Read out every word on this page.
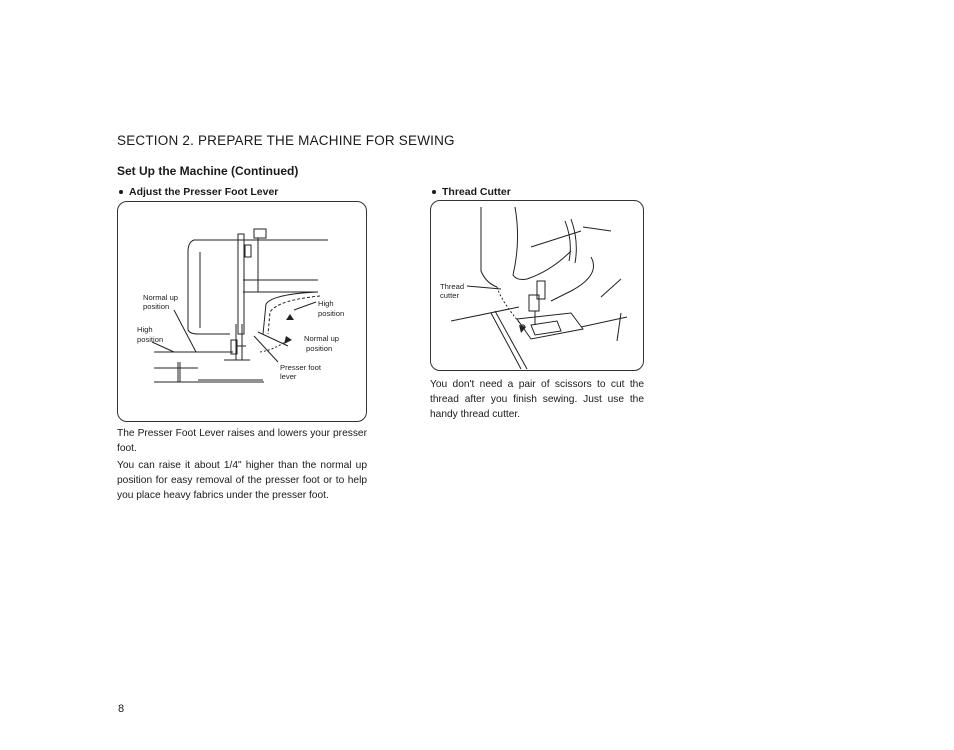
SECTION 2. PREPARE THE MACHINE FOR SEWING
Set Up the Machine (Continued)
Adjust the Presser Foot Lever
Normal up
position
High
position
High
position
Normal up
position
Presser foot
lever
The Presser Foot Lever raises and lowers your presser foot.
You can raise it about 1/4" higher than the normal up position for easy removal of the presser foot or to help you place heavy fabrics under the presser foot.
Thread Cutter
Thread
cutter
You don't need a pair of scissors to cut the thread after you finish sewing. Just use the handy thread cutter.
8
